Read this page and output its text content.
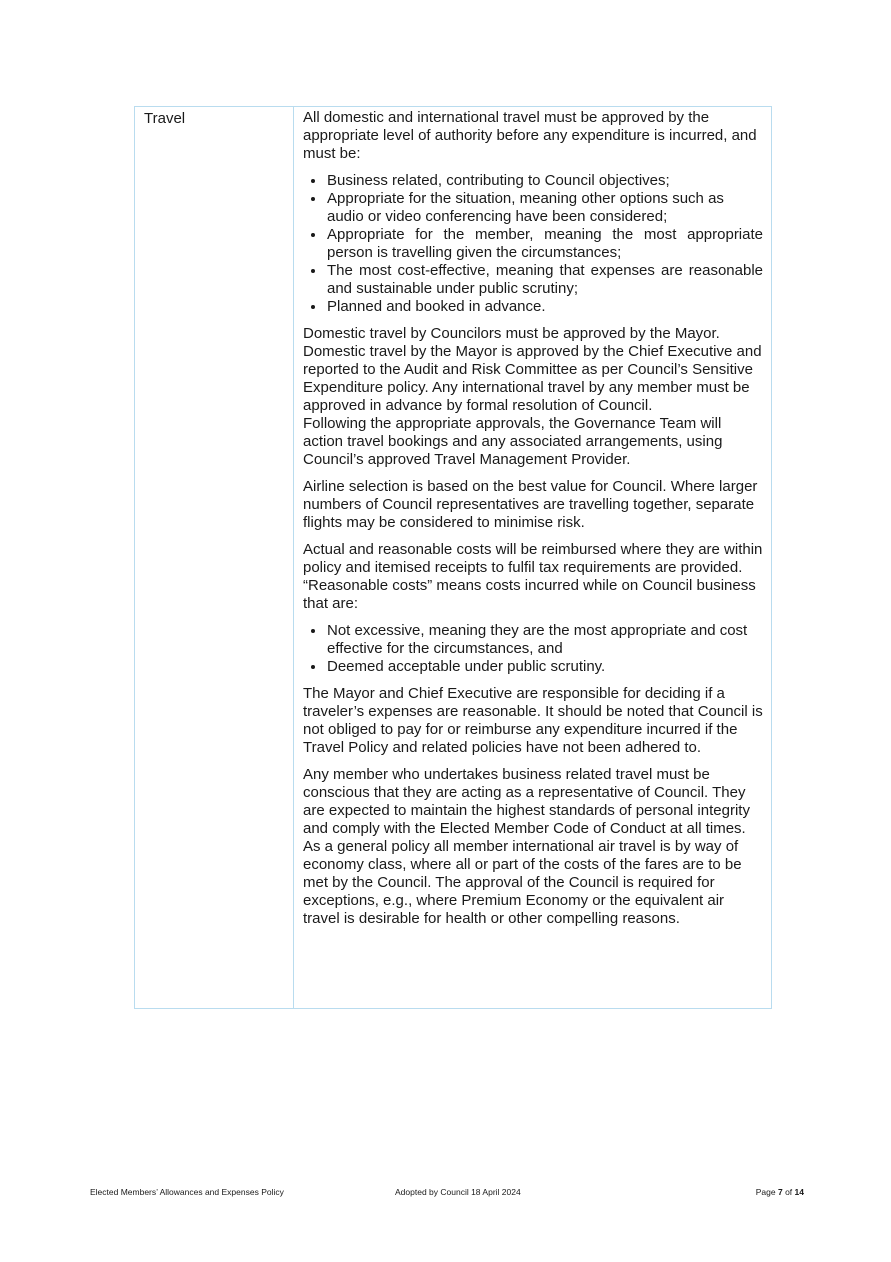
Travel	All domestic and international travel must be approved by the appropriate level of authority before any expenditure is incurred, and must be:

• Business related, contributing to Council objectives;
• Appropriate for the situation, meaning other options such as audio or video conferencing have been considered;
• Appropriate for the member, meaning the most appropriate person is travelling given the circumstances;
• The most cost-effective, meaning that expenses are reasonable and sustainable under public scrutiny;
• Planned and booked in advance.

Domestic travel by Councilors must be approved by the Mayor. Domestic travel by the Mayor is approved by the Chief Executive and reported to the Audit and Risk Committee as per Council’s Sensitive Expenditure policy. Any international travel by any member must be approved in advance by formal resolution of Council.
Following the appropriate approvals, the Governance Team will action travel bookings and any associated arrangements, using Council’s approved Travel Management Provider.

Airline selection is based on the best value for Council. Where larger numbers of Council representatives are travelling together, separate flights may be considered to minimise risk.

Actual and reasonable costs will be reimbursed where they are within policy and itemised receipts to fulfil tax requirements are provided. “Reasonable costs” means costs incurred while on Council business that are:

• Not excessive, meaning they are the most appropriate and cost effective for the circumstances, and
• Deemed acceptable under public scrutiny.

The Mayor and Chief Executive are responsible for deciding if a traveler’s expenses are reasonable. It should be noted that Council is not obliged to pay for or reimburse any expenditure incurred if the Travel Policy and related policies have not been adhered to.

Any member who undertakes business related travel must be conscious that they are acting as a representative of Council. They are expected to maintain the highest standards of personal integrity and comply with the Elected Member Code of Conduct at all times.
As a general policy all member international air travel is by way of economy class, where all or part of the costs of the fares are to be met by the Council. The approval of the Council is required for exceptions, e.g., where Premium Economy or the equivalent air travel is desirable for health or other compelling reasons.

Elected Members’ Allowances and Expenses Policy	Adopted by Council 18 April 2024	Page 7 of 14
